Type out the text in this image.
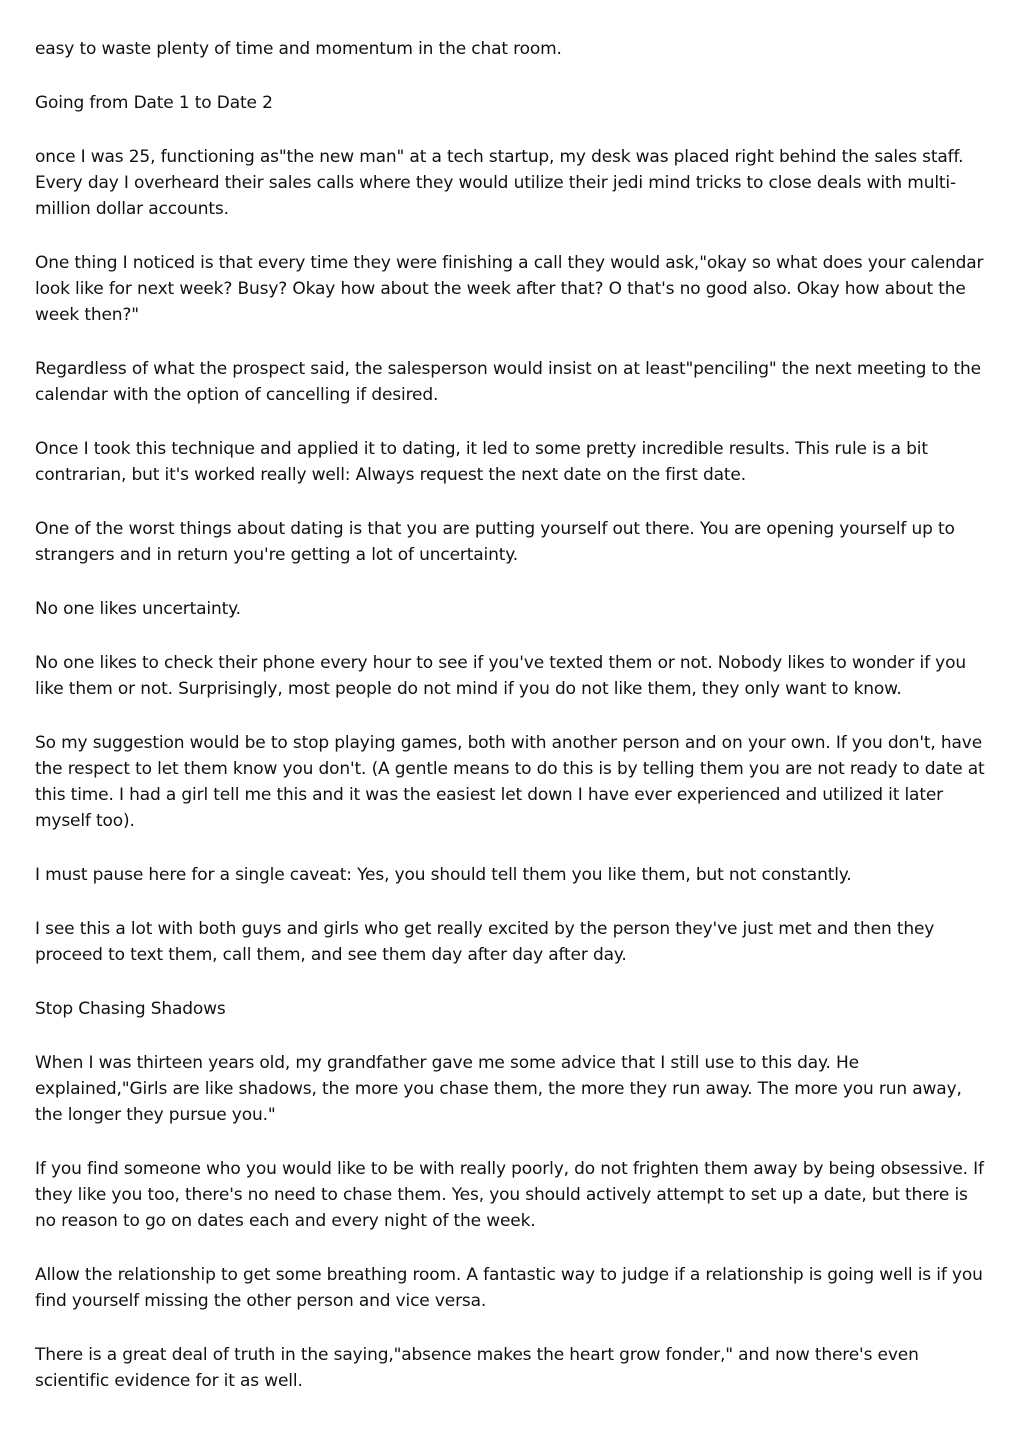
easy to waste plenty of time and momentum in the chat room.

Going from Date 1 to Date 2

once I was 25, functioning as"the new man" at a tech startup, my desk was placed right behind the sales staff. Every day I overheard their sales calls where they would utilize their jedi mind tricks to close deals with multi-million dollar accounts.

One thing I noticed is that every time they were finishing a call they would ask,"okay so what does your calendar look like for next week? Busy? Okay how about the week after that? O that's no good also. Okay how about the week then?"

Regardless of what the prospect said, the salesperson would insist on at least"penciling" the next meeting to the calendar with the option of cancelling if desired.

Once I took this technique and applied it to dating, it led to some pretty incredible results. This rule is a bit contrarian, but it's worked really well: Always request the next date on the first date.

One of the worst things about dating is that you are putting yourself out there. You are opening yourself up to strangers and in return you're getting a lot of uncertainty.

No one likes uncertainty.

No one likes to check their phone every hour to see if you've texted them or not. Nobody likes to wonder if you like them or not. Surprisingly, most people do not mind if you do not like them, they only want to know.

So my suggestion would be to stop playing games, both with another person and on your own. If you don't, have the respect to let them know you don't. (A gentle means to do this is by telling them you are not ready to date at this time. I had a girl tell me this and it was the easiest let down I have ever experienced and utilized it later myself too).

I must pause here for a single caveat: Yes, you should tell them you like them, but not constantly.

I see this a lot with both guys and girls who get really excited by the person they've just met and then they proceed to text them, call them, and see them day after day after day.

Stop Chasing Shadows

When I was thirteen years old, my grandfather gave me some advice that I still use to this day. He explained,"Girls are like shadows, the more you chase them, the more they run away. The more you run away, the longer they pursue you."

If you find someone who you would like to be with really poorly, do not frighten them away by being obsessive. If they like you too, there's no need to chase them. Yes, you should actively attempt to set up a date, but there is no reason to go on dates each and every night of the week.

Allow the relationship to get some breathing room. A fantastic way to judge if a relationship is going well is if you find yourself missing the other person and vice versa.

There is a great deal of truth in the saying,"absence makes the heart grow fonder," and now there's even scientific evidence for it as well.
